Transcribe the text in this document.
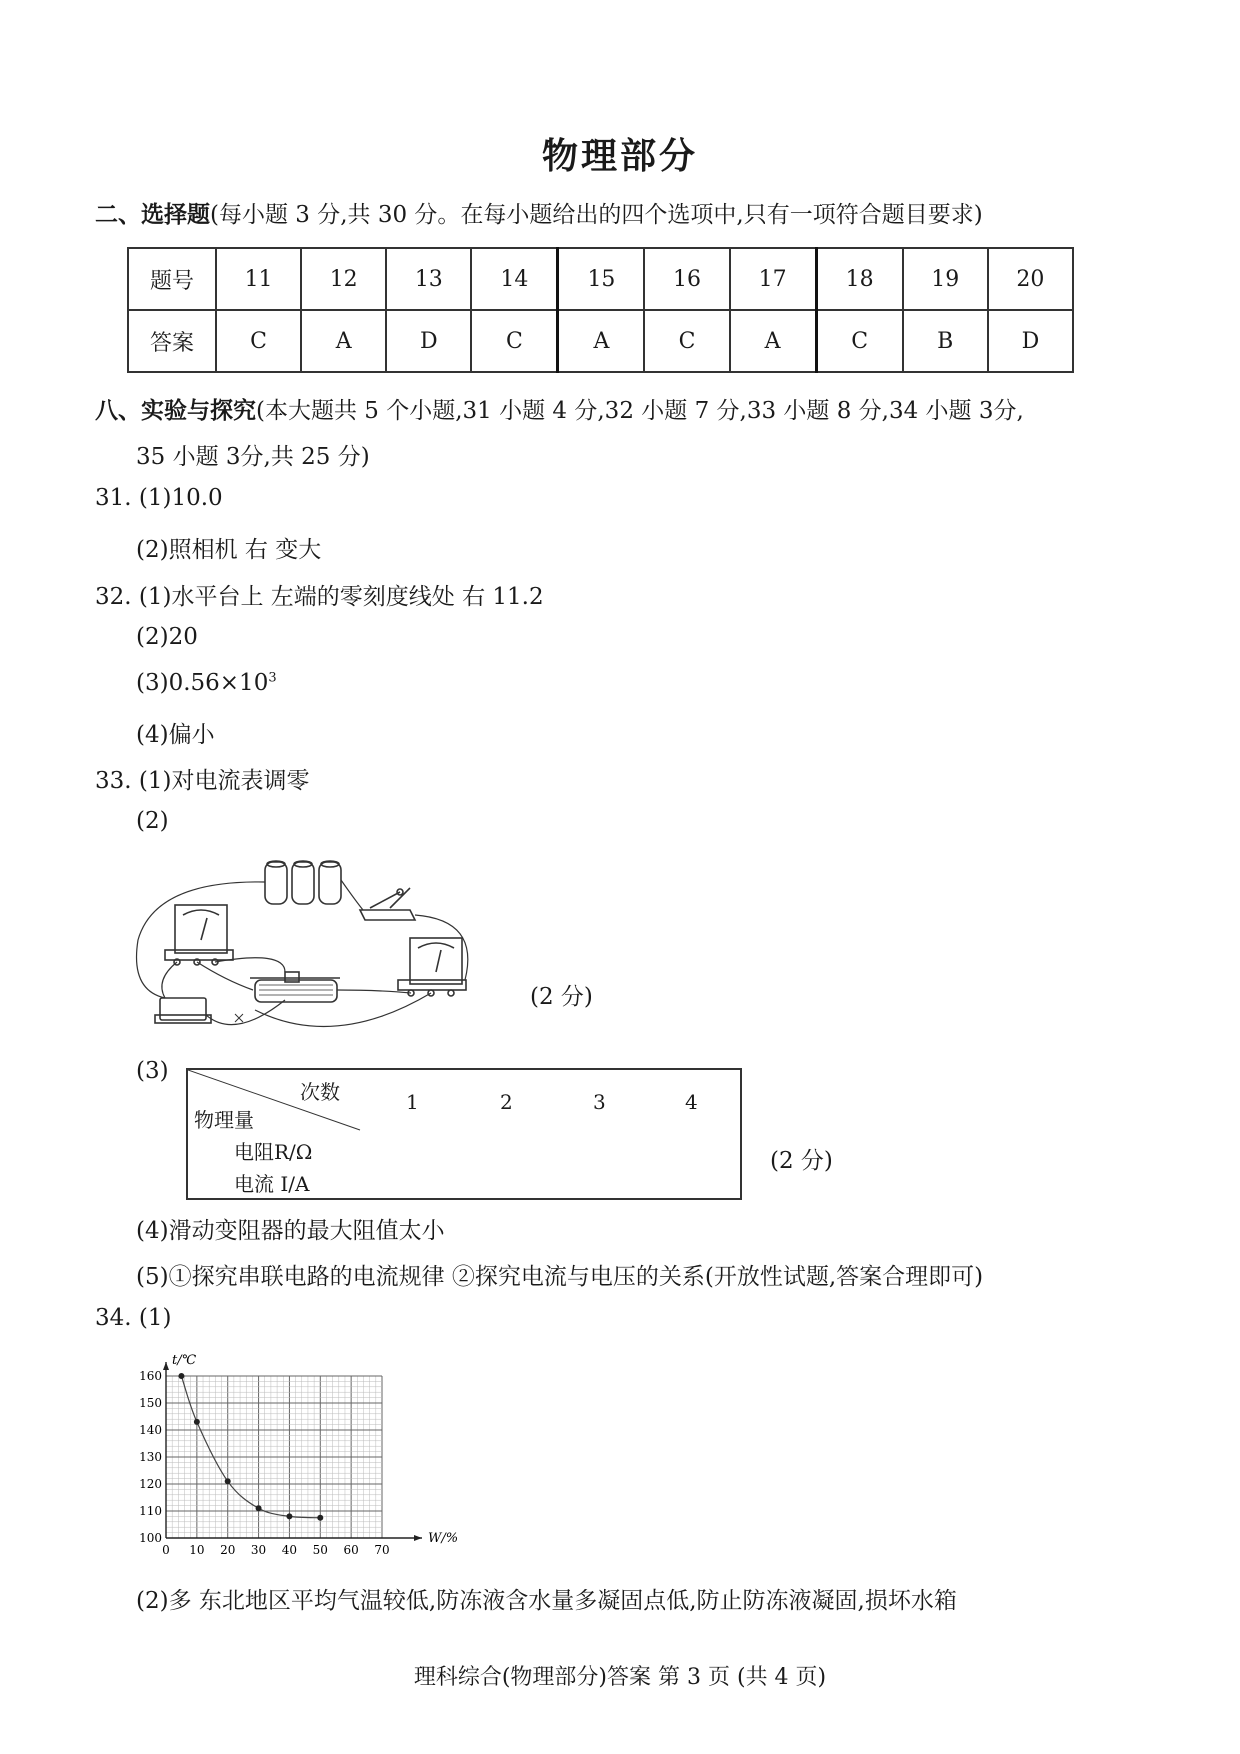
物理部分
二、选择题(每小题 3 分,共 30 分。在每小题给出的四个选项中,只有一项符合题目要求)
题号	11	12	13	14	15	16	17	18	19	20
答案	C	A	D	C	A	C	A	C	B	D
八、实验与探究(本大题共 5 个小题,31 小题 4 分,32 小题 7 分,33 小题 8 分,34 小题 3分,
35 小题 3分,共 25 分)
31. (1)10.0
(2)照相机 右 变大
32. (1)水平台上 左端的零刻度线处 右 11.2
(2)20
$(3)0.56\times 10^3$
(4)偏小
33. (1)对电流表调零
(2)
(2 分)
(3)
次数
物理量
1	2	3	4
电阻R/Ω
电流 I/A
(2 分)
(4)滑动变阻器的最大阻值太小
(5)①探究串联电路的电流规律 ②探究电流与电压的关系(开放性试题,答案合理即可)
34. (1)
0 10 20 30 40 50 60 70
100
110
120
130
140
150
160
t/℃
W/%
(2)多 东北地区平均气温较低,防冻液含水量多凝固点低,防止防冻液凝固,损坏水箱
理科综合(物理部分)答案 第 3 页 (共 4 页)
